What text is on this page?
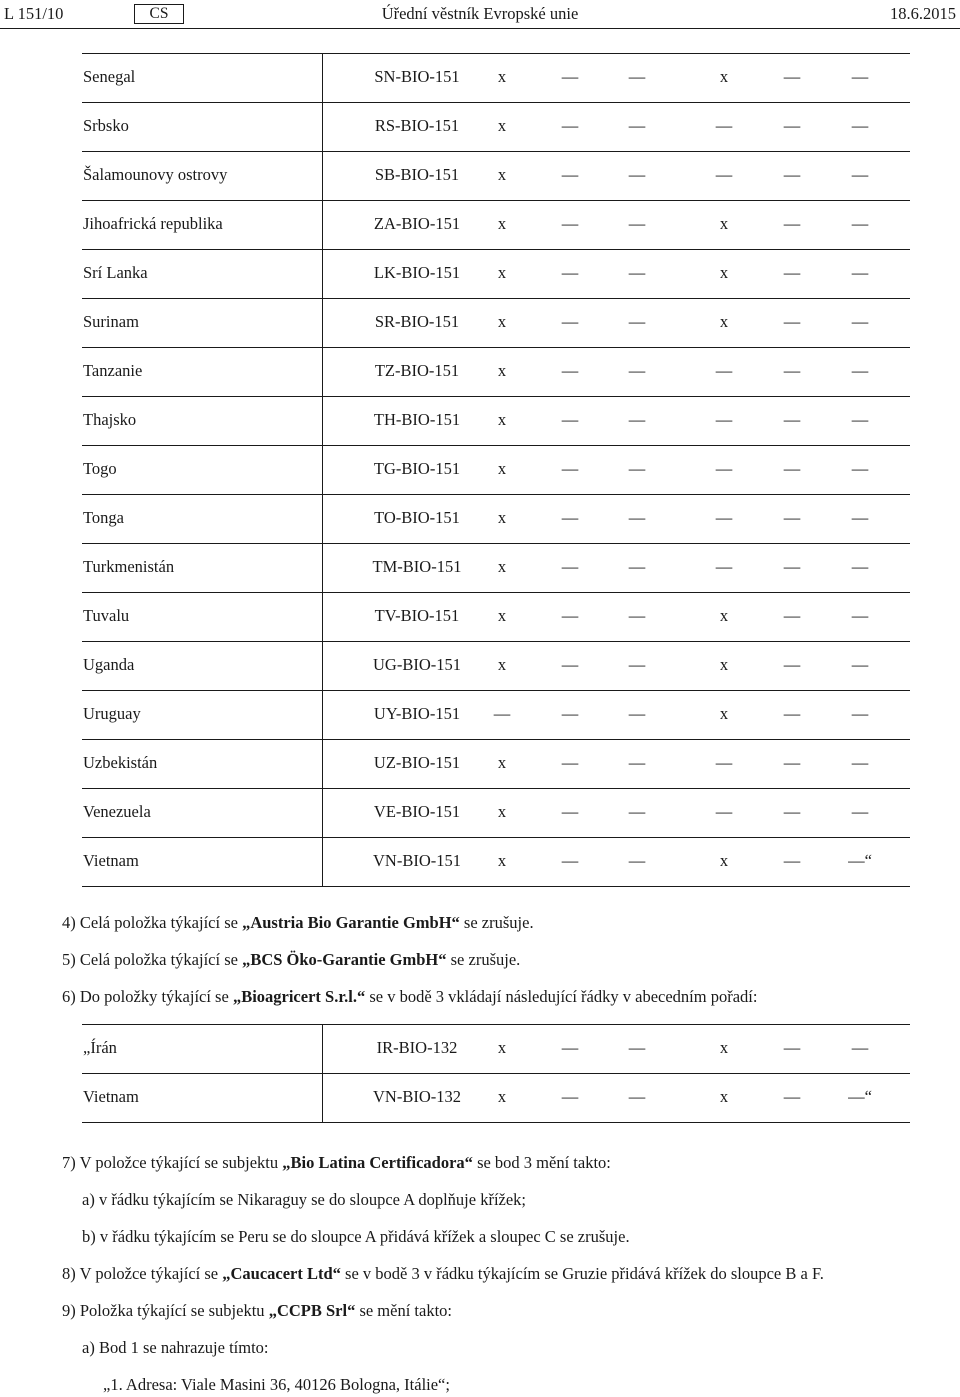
L 151/10	CS	Úřední věstník Evropské unie	18.6.2015
Senegal	SN-BIO-151	x	—	—	x	—	—
Srbsko	RS-BIO-151	x	—	—	—	—	—
Šalamounovy ostrovy	SB-BIO-151	x	—	—	—	—	—
Jihoafrická republika	ZA-BIO-151	x	—	—	x	—	—
Srí Lanka	LK-BIO-151	x	—	—	x	—	—
Surinam	SR-BIO-151	x	—	—	x	—	—
Tanzanie	TZ-BIO-151	x	—	—	—	—	—
Thajsko	TH-BIO-151	x	—	—	—	—	—
Togo	TG-BIO-151	x	—	—	—	—	—
Tonga	TO-BIO-151	x	—	—	—	—	—
Turkmenistán	TM-BIO-151	x	—	—	—	—	—
Tuvalu	TV-BIO-151	x	—	—	x	—	—
Uganda	UG-BIO-151	x	—	—	x	—	—
Uruguay	UY-BIO-151	—	—	—	x	—	—
Uzbekistán	UZ-BIO-151	x	—	—	—	—	—
Venezuela	VE-BIO-151	x	—	—	—	—	—
Vietnam	VN-BIO-151	x	—	—	x	—	—“
4) Celá položka týkající se „Austria Bio Garantie GmbH“ se zrušuje.
5) Celá položka týkající se „BCS Öko-Garantie GmbH“ se zrušuje.
6) Do položky týkající se „Bioagricert S.r.l.“ se v bodě 3 vkládají následující řádky v abecedním pořadí:
„Írán	IR-BIO-132	x	—	—	x	—	—
Vietnam	VN-BIO-132	x	—	—	x	—	—“
7) V položce týkající se subjektu „Bio Latina Certificadora“ se bod 3 mění takto:
a) v řádku týkajícím se Nikaraguy se do sloupce A doplňuje křížek;
b) v řádku týkajícím se Peru se do sloupce A přidává křížek a sloupec C se zrušuje.
8) V položce týkající se „Caucacert Ltd“ se v bodě 3 v řádku týkajícím se Gruzie přidává křížek do sloupce B a F.
9) Položka týkající se subjektu „CCPB Srl“ se mění takto:
a) Bod 1 se nahrazuje tímto:
„1. Adresa: Viale Masini 36, 40126 Bologna, Itálie“;
